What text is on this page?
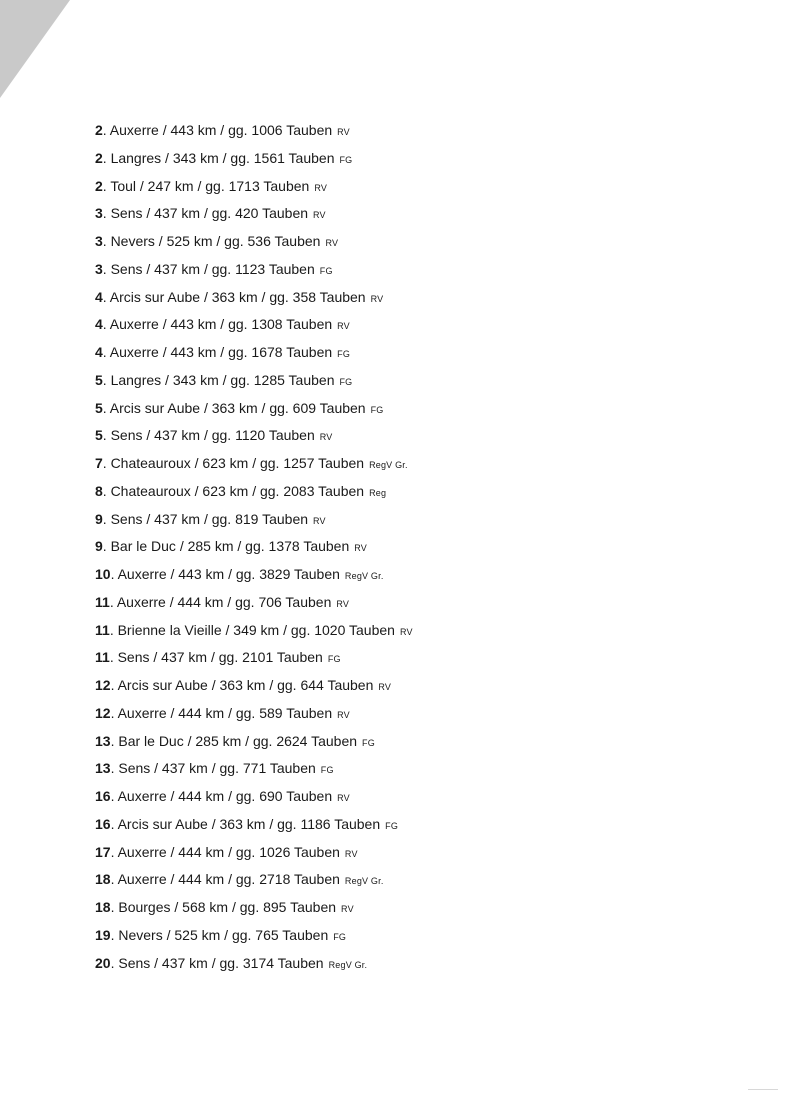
2. Auxerre / 443 km / gg. 1006 Tauben RV
2. Langres / 343 km / gg. 1561 Tauben FG
2. Toul / 247 km / gg. 1713 Tauben RV
3. Sens / 437 km / gg. 420 Tauben RV
3. Nevers / 525 km / gg. 536 Tauben RV
3. Sens / 437 km / gg. 1123 Tauben FG
4. Arcis sur Aube / 363 km / gg. 358 Tauben RV
4. Auxerre / 443 km / gg. 1308 Tauben RV
4. Auxerre / 443 km / gg. 1678 Tauben FG
5. Langres / 343 km / gg. 1285 Tauben FG
5. Arcis sur Aube / 363 km / gg. 609 Tauben FG
5. Sens / 437 km / gg. 1120 Tauben RV
7. Chateauroux / 623 km / gg. 1257 Tauben RegV Gr.
8. Chateauroux / 623 km / gg. 2083 Tauben Reg
9. Sens / 437 km / gg. 819 Tauben RV
9. Bar le Duc / 285 km / gg. 1378 Tauben RV
10. Auxerre / 443 km / gg. 3829 Tauben RegV Gr.
11. Auxerre / 444 km / gg. 706 Tauben RV
11. Brienne la Vieille / 349 km / gg. 1020 Tauben RV
11. Sens / 437 km / gg. 2101 Tauben FG
12. Arcis sur Aube / 363 km / gg. 644 Tauben RV
12. Auxerre / 444 km / gg. 589 Tauben RV
13. Bar le Duc / 285 km / gg. 2624 Tauben FG
13. Sens / 437 km / gg. 771 Tauben FG
16. Auxerre / 444 km / gg. 690 Tauben RV
16. Arcis sur Aube / 363 km / gg. 1186 Tauben FG
17. Auxerre / 444 km / gg. 1026 Tauben RV
18. Auxerre / 444 km / gg. 2718 Tauben RegV Gr.
18. Bourges / 568 km / gg. 895 Tauben RV
19. Nevers / 525 km / gg. 765 Tauben FG
20. Sens / 437 km / gg. 3174 Tauben RegV Gr.
